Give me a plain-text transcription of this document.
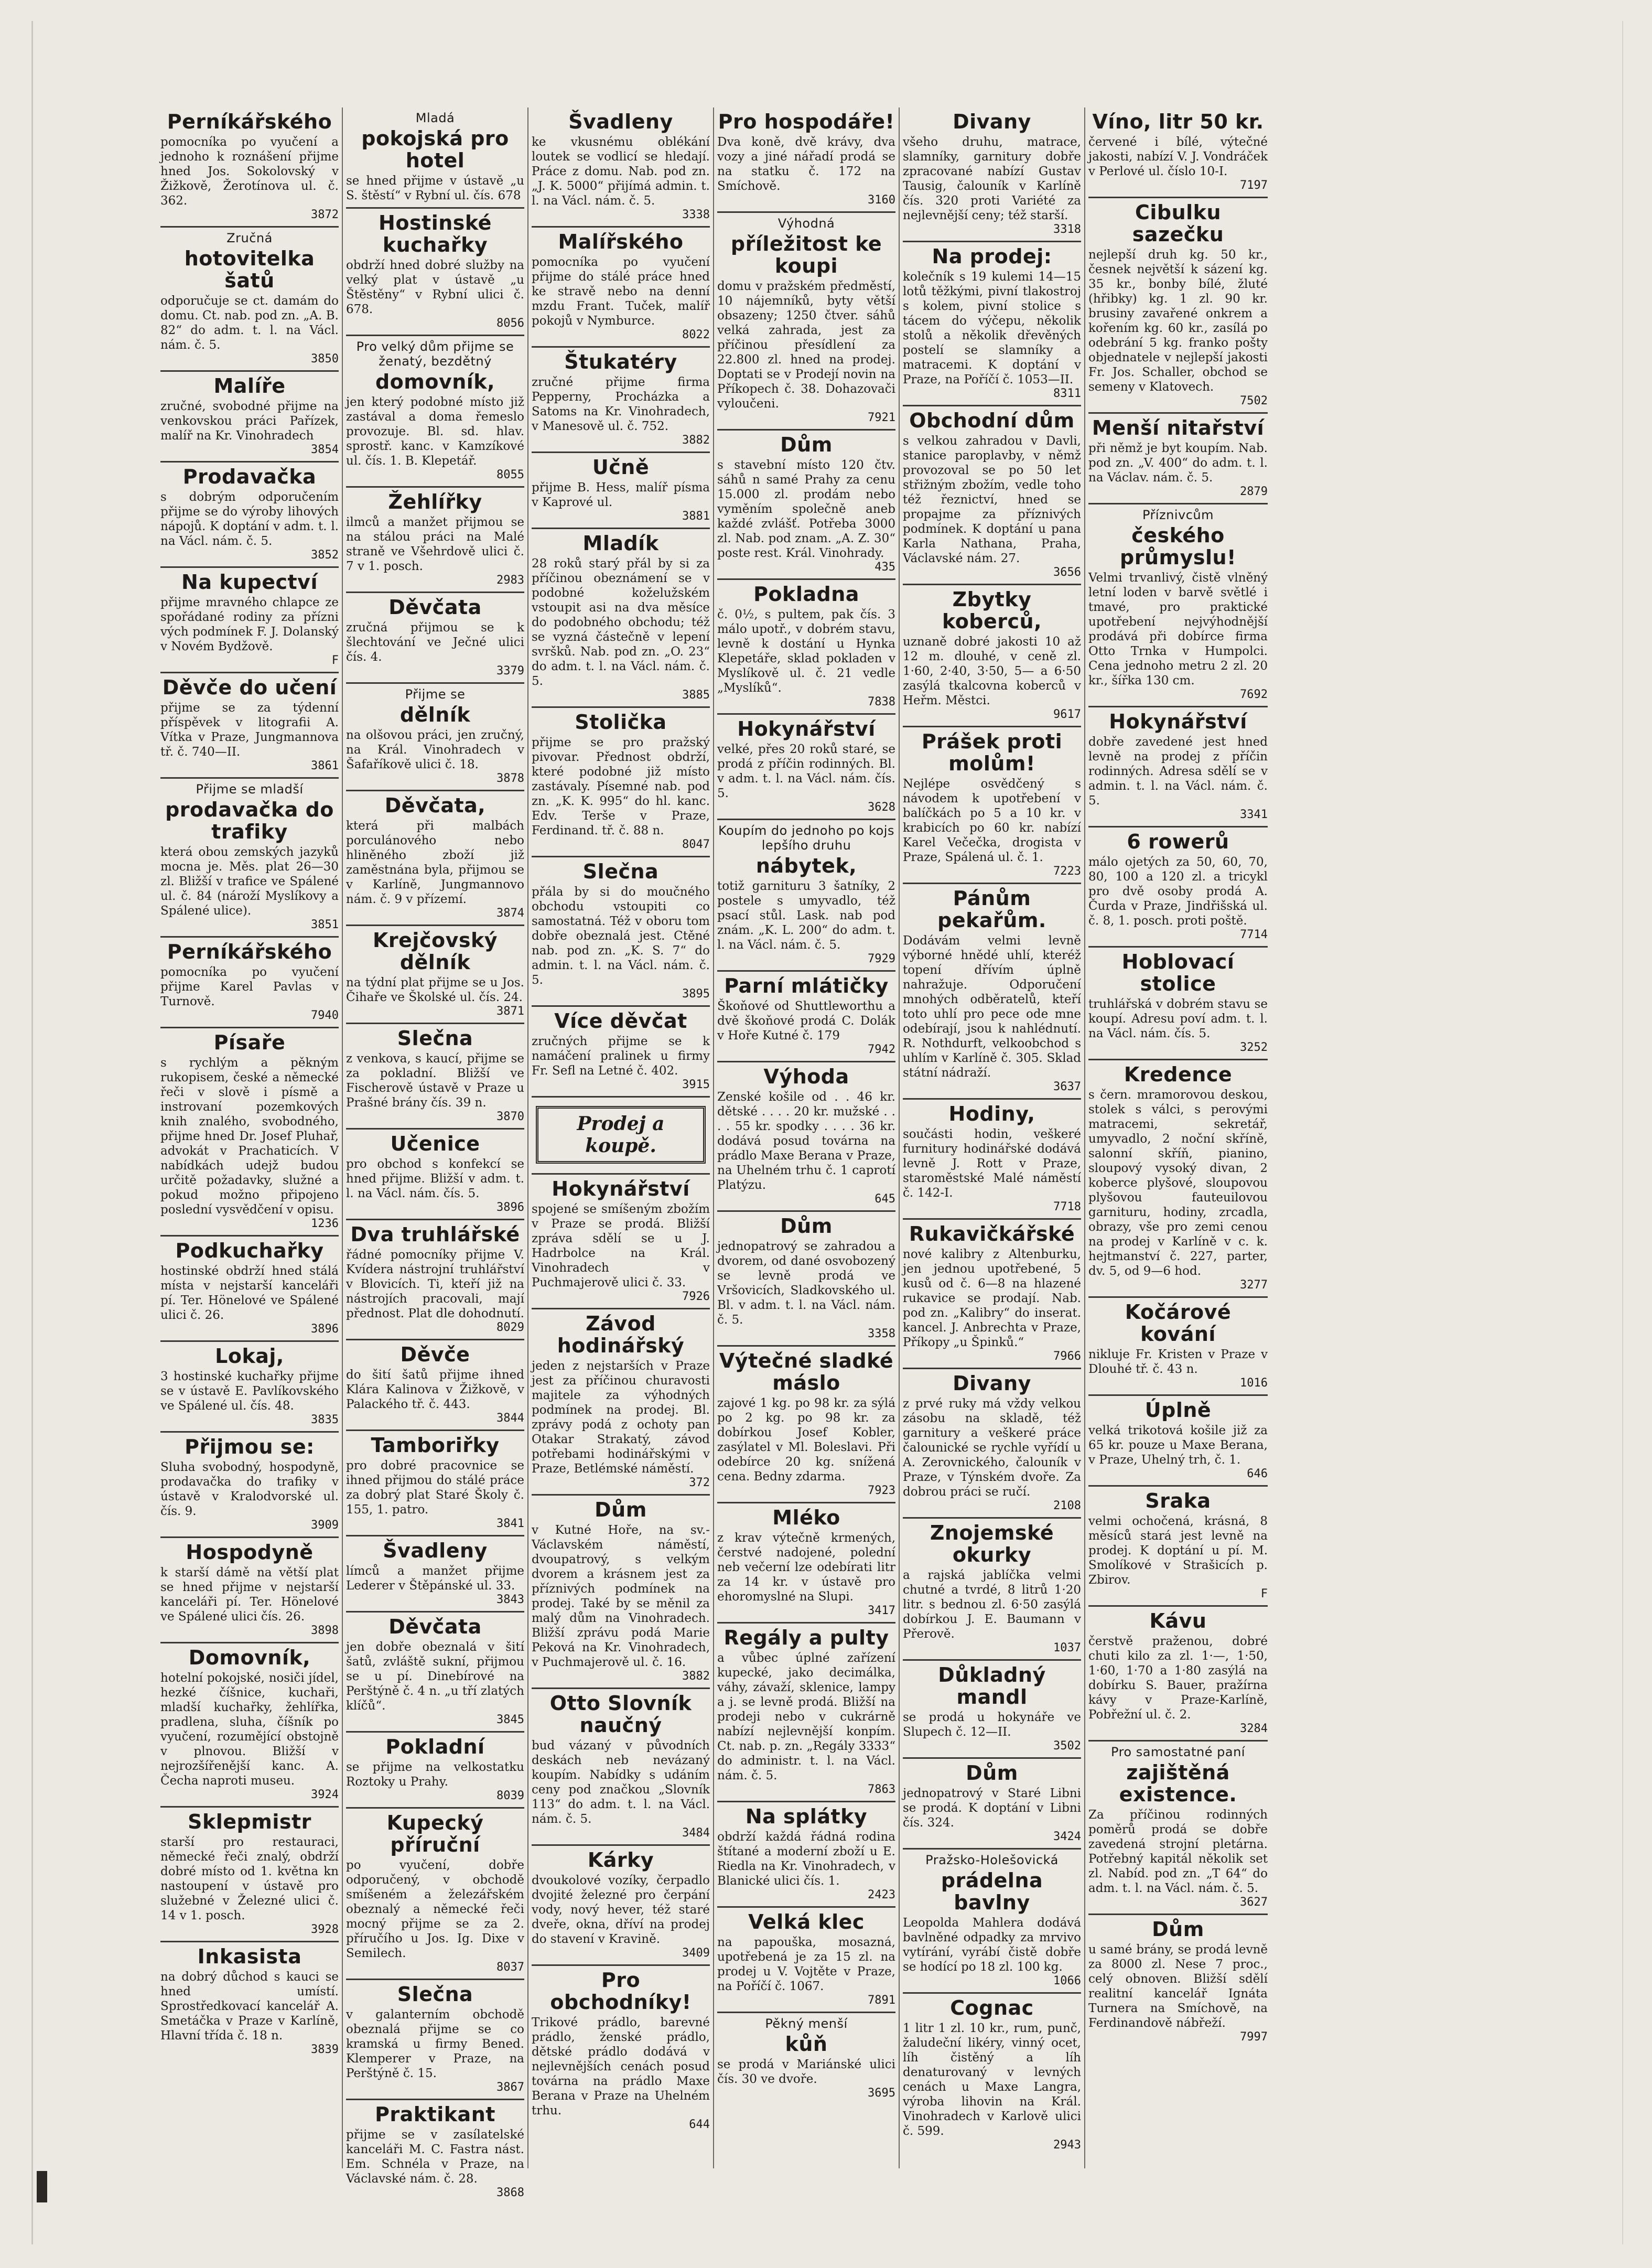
Perníkářského

pomocníka po vyučení a jednoho k roznášení přijme hned Jos. Sokolovský v Žižkově, Žerotínova ul. č. 362.

3872
Zručná
hotovitelka šatů

odporučuje se ct. damám do domu. Ct. nab. pod zn. „A. B. 82“ do adm. t. l. na Václ. nám. č. 5.

3850
Malíře

zručné, svobodné přijme na venkovskou práci Pařízek, malíř na Kr. Vinohradech

3854
Prodavačka

s dobrým odporučením přijme se do výroby lihových nápojů. K doptání v adm. t. l. na Václ. nám. č. 5.

3852
Na kupectví

přijme mravného chlapce ze spořádané rodiny za přízni vých podmínek F. J. Dolanský v Novém Bydžově.

F
Děvče do učení

přijme se za týdenní příspěvek v litografii A. Vítka v Praze, Jungmannova tř. č. 740—II.

3861
Přijme se mladší
prodavačka do trafiky

která obou zemských jazyků mocna je. Měs. plat 26—30 zl. Bližší v trafice ve Spálené ul. č. 84 (nároží Myslíkovy a Spálené ulice).

3851
Perníkářského

pomocníka po vyučení přijme Karel Pavlas v Turnově.

7940
Písaře

s rychlým a pěkným rukopisem, české a německé řeči v slově i písmě a instrovaní pozemkových knih znalého, svobodného, přijme hned Dr. Josef Pluhař, advokát v Prachaticích. V nabídkách udejž budou určitě požadavky, služné a pokud možno připojeno poslední vysvědčení v opisu.

1236
Podkuchařky

hostinské obdrží hned stálá místa v nejstarší kanceláři pí. Ter. Hönelové ve Spálené ulici č. 26.

3896
Lokaj,

3 hostinské kuchařky přijme se v ústavě E. Pavlíkovského ve Spálené ul. čís. 48.

3835
Přijmou se:

Sluha svobodný, hospodyně, prodavačka do trafiky v ústavě v Kralodvorské ul. čís. 9.

3909
Hospodyně

k starší dámě na větší plat se hned přijme v nejstarší kanceláři pí. Ter. Hönelové ve Spálené ulici čís. 26.

3898
Domovník,

hotelní pokojské, nosiči jídel, hezké číšnice, kuchaři, mladší kuchařky, žehlířka, pradlena, sluha, číšník po vyučení, rozumějící obstojně v plnovou. Bližší v nejrozšířenější kanc. A. Čecha naproti museu.

3924
Sklepmistr

starší pro restauraci, německé řeči znalý, obdrží dobré místo od 1. května kn nastoupení v ústavě pro služebné v Železné ulici č. 14 v 1. posch.

3928
Inkasista

na dobrý důchod s kauci se hned umístí. Sprostředkovací kancelář A. Smetáčka v Praze v Karlíně, Hlavní třída č. 18 n.

3839
Mladá
pokojská pro hotel

se hned přijme v ústavě „u S. štěstí“ v Rybní ul. čís. 678

Hostinské kuchařky

obdrží hned dobré služby na velký plat v ústavě „u Štěstěny“ v Rybní ulici č. 678.

8056
Pro velký dům přijme se ženatý, bezdětný
domovník,

jen který podobné místo již zastával a doma řemeslo provozuje. Bl. sd. hlav. sprostř. kanc. v Kamzíkové ul. čís. 1. B. Klepetář.

8055
Žehlířky

ilmců a manžet přijmou se na stálou práci na Malé straně ve Všehrdově ulici č. 7 v 1. posch.

2983
Děvčata

zručná přijmou se k šlechtování ve Ječné ulici čís. 4.

3379
Přijme se
dělník

na olšovou práci, jen zručný, na Král. Vinohradech v Šafaříkově ulici č. 18.

3878
Děvčata,

která při malbách porculánového nebo hliněného zboží již zaměstnána byla, přijmou se v Karlíně, Jungmannovo nám. č. 9 v přízemí.

3874
Krejčovský dělník

na týdní plat přijme se u Jos. Čihaře ve Školské ul. čís. 24.

3871
Slečna

z venkova, s kaucí, přijme se za pokladní. Bližší ve Fischerově ústavě v Praze u Prašné brány čís. 39 n.

3870
Učenice

pro obchod s konfekcí se hned přijme. Bližší v adm. t. l. na Václ. nám. čís. 5.

3896
Dva truhlářské

řádné pomocníky přijme V. Kvídera nástrojní truhlářství v Blovicích. Ti, kteří již na nástrojích pracovali, mají přednost. Plat dle dohodnutí.

8029
Děvče

do šití šatů přijme ihned Klára Kalinova v Žižkově, v Palackého tř. č. 443.

3844
Tamboriřky

pro dobré pracovnice se ihned přijmou do stálé práce za dobrý plat Staré Školy č. 155, 1. patro.

3841
Švadleny

límců a manžet přijme Lederer v Štěpánské ul. 33.

3843
Děvčata

jen dobře obeznalá v šití šatů, zvláště sukní, přijmou se u pí. Dinebírové na Perštýně č. 4 n. „u tří zlatých klíčů“.

3845
Pokladní

se přijme na velkostatku Roztoky u Prahy.

8039
Kupecký příruční

po vyučení, dobře odporučený, v obchodě smíšeném a železářském obeznalý a německé řeči mocný přijme se za 2. příručího u Jos. Ig. Dixe v Semilech.

8037
Slečna

v galanterním obchodě obeznalá přijme se co kramská u firmy Bened. Klemperer v Praze, na Perštýně č. 15.

3867
Praktikant

přijme se v zasílatelské kanceláři M. C. Fastra nást. Em. Schnéla v Praze, na Václavské nám. č. 28.

3868
Švadleny

ke vkusnému oblékání loutek se vodlicí se hledají. Práce z domu. Nab. pod zn. „J. K. 5000“ přijímá admin. t. l. na Václ. nám. č. 5.

3338
Malířského

pomocníka po vyučení přijme do stálé práce hned ke stravě nebo na denní mzdu Frant. Tuček, malíř pokojů v Nymburce.

8022
Štukatéry

zručné přijme firma Pepperny, Procházka a Satoms na Kr. Vinohradech, v Manesově ul. č. 752.

3882
Učně

přijme B. Hess, malíř písma v Kaprové ul.

3881
Mladík

28 roků starý přál by si za příčinou obeznámení se v podobné koželužském vstoupit asi na dva měsíce do podobného obchodu; též se vyzná částečně v lepení svršků. Nab. pod zn. „O. 23“ do adm. t. l. na Václ. nám. č. 5.

3885
Stolička

přijme se pro pražský pivovar. Přednost obdrží, které podobné již místo zastávaly. Písemné nab. pod zn. „K. K. 995“ do hl. kanc. Edv. Terše v Praze, Ferdinand. tř. č. 88 n.

8047
Slečna

přála by si do moučného obchodu vstoupiti co samostatná. Též v oboru tom dobře obeznalá jest. Ctěné nab. pod zn. „K. S. 7“ do admin. t. l. na Václ. nám. č. 5.

3895
Více děvčat

zručných přijme se k namáčení pralinek u firmy Fr. Sefl na Letné č. 402.

3915
Prodej a koupě.
Hokynářství

spojené se smíšeným zbožím v Praze se prodá. Bližší zpráva sdělí se u J. Hadrbolce na Král. Vinohradech v Puchmajerově ulici č. 33.

7926
Závod hodinářský

jeden z nejstarších v Praze jest za příčinou churavosti majitele za výhodných podmínek na prodej. Bl. zprávy podá z ochoty pan Otakar Strakatý, závod potřebami hodinářskými v Praze, Betlémské náměstí.

372
Dům

v Kutné Hoře, na sv.-Václavském náměstí, dvoupatrový, s velkým dvorem a krásnem jest za příznivých podmínek na prodej. Také by se měnil za malý dům na Vinohradech. Bližší zprávu podá Marie Peková na Kr. Vinohradech, v Puchmajerově ul. č. 16.

3882
Otto Slovník naučný

bud vázaný v původních deskách neb nevázaný koupím. Nabídky s udáním ceny pod značkou „Slovník 113“ do adm. t. l. na Václ. nám. č. 5.

3484
Kárky

dvoukolové vozíky, čerpadlo dvojité železné pro čerpání vody, nový hever, též staré dveře, okna, dříví na prodej do stavení v Kravině.

3409
Pro obchodníky!

Trikové prádlo, barevné prádlo, ženské prádlo, dětské prádlo dodává v nejlevnějších cenách posud továrna na prádlo Maxe Berana v Praze na Uhelném trhu.

644
Pro hospodáře!

Dva koně, dvě krávy, dva vozy a jiné nářadí prodá se na statku č. 172 na Smíchově.

3160
Výhodná
příležitost ke koupi

domu v pražském předměstí, 10 nájemníků, byty větší obsazeny; 1250 čtver. sáhů velká zahrada, jest za příčinou přesídlení za 22.800 zl. hned na prodej. Doptati se v Prodejí novin na Příkopech č. 38. Dohazovači vyloučeni.

7921
Dům

s stavební místo 120 čtv. sáhů n samé Prahy za cenu 15.000 zl. prodám nebo vyměním společně aneb každé zvlášť. Potřeba 3000 zl. Nab. pod znam. „A. Z. 30“ poste rest. Král. Vinohrady.

435
Pokladna

č. 0½, s pultem, pak čís. 3 málo upotř., v dobrém stavu, levně k dostání u Hynka Klepetáře, sklad pokladen v Myslíkově ul. č. 21 vedle „Myslíků“.

7838
Hokynářství

velké, přes 20 roků staré, se prodá z příčin rodinných. Bl. v adm. t. l. na Václ. nám. čís. 5.

3628
Koupím do jednoho po kojs lepšího druhu
nábytek,

totiž garnituru 3 šatníky, 2 postele s umyvadlo, též psací stůl. Lask. nab pod znám. „K. L. 200“ do adm. t. l. na Václ. nám. č. 5.

7929
Parní mlátičky

Škoňové od Shuttleworthu a dvě škoňové prodá C. Dolák v Hoře Kutné č. 179

7942
Výhoda

Zenské košile od . . 46 kr. dětské . . . . 20 kr. mužské . . . . 55 kr. spodky . . . . 36 kr. dodává posud továrna na prádlo Maxe Berana v Praze, na Uhelném trhu č. 1 caprotí Platýzu.

645
Dům

jednopatrový se zahradou a dvorem, od dané osvobozený se levně prodá ve Vršovicích, Sladkovského ul. Bl. v adm. t. l. na Václ. nám. č. 5.

3358
Výtečné sladké máslo

zajové 1 kg. po 98 kr. za sýlá po 2 kg. po 98 kr. za dobírkou Josef Kobler, zasýlatel v Ml. Boleslavi. Při odebírce 20 kg. snížená cena. Bedny zdarma.

7923
Mléko

z krav výtečně krmených, čerstvé nadojené, polední neb večerní lze odebírati litr za 14 kr. v ústavě pro ehoromyslné na Slupi.

3417
Regály a pulty

a vůbec úplné zařízení kupecké, jako decimálka, váhy, závaží, sklenice, lampy a j. se levně prodá. Bližší na prodeji nebo v cukrárně nabízí nejlevnější konpím. Ct. nab. p. zn. „Regály 3333“ do administr. t. l. na Václ. nám. č. 5.

7863
Na splátky

obdrží každá řádná rodina štítané a moderní zboží u E. Riedla na Kr. Vinohradech, v Blanické ulici čís. 1.

2423
Velká klec

na papouška, mosazná, upotřebená je za 15 zl. na prodej u V. Vojtěte v Praze, na Poříčí č. 1067.

7891
Pěkný menší
kůň

se prodá v Mariánské ulici čís. 30 ve dvoře.

3695
Divany

všeho druhu, matrace, slamníky, garnitury dobře zpracované nabízí Gustav Tausig, čalouník v Karlíně čís. 320 proti Variété za nejlevnější ceny; též starší.

3318
Na prodej:

kolečník s 19 kulemi 14—15 lotů těžkými, pivní tlakostroj s kolem, pivní stolice s tácem do výčepu, několik stolů a několik dřevěných postelí se slamníky a matracemi. K doptání v Praze, na Poříčí č. 1053—II.

8311
Obchodní dům

s velkou zahradou v Davli, stanice paroplavby, v němž provozoval se po 50 let střižným zbožím, vedle toho též řeznictví, hned se propajme za příznivých podmínek. K doptání u pana Karla Nathana, Praha, Václavské nám. 27.

3656
Zbytky koberců,

uznaně dobré jakosti 10 až 12 m. dlouhé, v ceně zl. 1·60, 2·40, 3·50, 5— a 6·50 zasýlá tkalcovna koberců v Heřm. Městci.

9617
Prášek proti molům!

Nejlépe osvědčený s návodem k upotřebení v balíčkách po 5 a 10 kr. v krabicích po 60 kr. nabízí Karel Večečka, drogista v Praze, Spálená ul. č. 1.

7223
Pánům pekařům.

Dodávám velmi levně výborné hnědé uhlí, kteréž topení dřívím úplně nahražuje. Odporučení mnohých odběratelů, kteří toto uhlí pro pece ode mne odebírají, jsou k nahlédnutí. R. Nothdurft, velkoobchod s uhlím v Karlíně č. 305. Sklad státní nádraží.

3637
Hodiny,

součásti hodin, veškeré furnitury hodinářské dodává levně J. Rott v Praze, staroměstské Malé náměstí č. 142-I.

7718
Rukavičkářské

nové kalibry z Altenburku, jen jednou upotřebené, 5 kusů od č. 6—8 na hlazené rukavice se prodají. Nab. pod zn. „Kalibry“ do inserat. kancel. J. Anbrechta v Praze, Příkopy „u Špinků.“

7966
Divany

z prvé ruky má vždy velkou zásobu na skladě, též garnitury a veškeré práce čalounické se rychle vyřídí u A. Zerovnického, čalouník v Praze, v Týnském dvoře. Za dobrou práci se ručí.

2108
Znojemské okurky

a rajská jablíčka velmi chutné a tvrdé, 8 litrů 1·20 litr. s bednou zl. 6·50 zasýlá dobírkou J. E. Baumann v Přerově.

1037
Důkladný mandl

se prodá u hokynáře ve Slupech č. 12—II.

3502
Dům

jednopatrový v Staré Libni se prodá. K doptání v Libni čís. 324.

3424
Pražsko-Holešovická
prádelna bavlny

Leopolda Mahlera dodává bavlněné odpadky za mrvivo vytírání, vyrábí čistě dobře se hodící po 18 zl. 100 kg.

1066
Cognac

1 litr 1 zl. 10 kr., rum, punč, žaludeční likéry, vinný ocet, líh čistěný a líh denaturovaný v levných cenách u Maxe Langra, výroba lihovin na Král. Vinohradech v Karlově ulici č. 599.

2943
Víno, litr 50 kr.

červené i bílé, výtečné jakosti, nabízí V. J. Vondráček v Perlové ul. číslo 10-I.

7197
Cibulku sazečku

nejlepší druh kg. 50 kr., česnek největší k sázení kg. 35 kr., bonby bílé, žluté (hřibky) kg. 1 zl. 90 kr. brusiny zavařené onkrem a kořením kg. 60 kr., zasílá po odebrání 5 kg. franko pošty objednatele v nejlepší jakosti Fr. Jos. Schaller, obchod se semeny v Klatovech.

7502
Menší nitařství

při němž je byt koupím. Nab. pod zn. „V. 400“ do adm. t. l. na Václav. nám. č. 5.

2879
Příznivcům
českého průmyslu!

Velmi trvanlivý, čistě vlněný letní loden v barvě světlé i tmavé, pro praktické upotřebení nejvýhodnější prodává při dobírce firma Otto Trnka v Humpolci. Cena jednoho metru 2 zl. 20 kr., šířka 130 cm.

7692
Hokynářství

dobře zavedené jest hned levně na prodej z příčin rodinných. Adresa sdělí se v admin. t. l. na Václ. nám. č. 5.

3341
6 rowerů

málo ojetých za 50, 60, 70, 80, 100 a 120 zl. a tricykl pro dvě osoby prodá A. Čurda v Praze, Jindřišská ul. č. 8, 1. posch. proti poště.

7714
Hoblovací stolice

truhlářská v dobrém stavu se koupí. Adresu poví adm. t. l. na Václ. nám. čís. 5.

3252
Kredence

s čern. mramorovou deskou, stolek s válci, s perovými matracemi, sekretář, umyvadlo, 2 noční skříně, salonní skříň, pianino, sloupový vysoký divan, 2 koberce plyšové, sloupovou plyšovou fauteuilovou garnituru, hodiny, zrcadla, obrazy, vše pro zemi cenou na prodej v Karlíně v c. k. hejtmanství č. 227, parter, dv. 5, od 9—6 hod.

3277
Kočárové kování

nikluje Fr. Kristen v Praze v Dlouhé tř. č. 43 n.

1016
Úplně

velká trikotová košile již za 65 kr. pouze u Maxe Berana, v Praze, Uhelný trh, č. 1.

646
Sraka

velmi ochočená, krásná, 8 měsíců stará jest levně na prodej. K doptání u pí. M. Smolíkové v Strašicích p. Zbirov.

F
Kávu

čerstvě praženou, dobré chuti kilo za zl. 1·—, 1·50, 1·60, 1·70 a 1·80 zasýlá na dobírku S. Bauer, pražírna kávy v Praze-Karlíně, Pobřežní ul. č. 2.

3284
Pro samostatné paní
zajištěná existence.

Za příčinou rodinných poměrů prodá se dobře zavedená strojní pletárna. Potřebný kapitál několik set zl. Nabíd. pod zn. „T 64“ do adm. t. l. na Václ. nám. č. 5.

3627
Dům

u samé brány, se prodá levně za 8000 zl. Nese 7 proc., celý obnoven. Bližší sdělí realitní kancelář Ignáta Turnera na Smíchově, na Ferdinandově nábřeží.

7997
